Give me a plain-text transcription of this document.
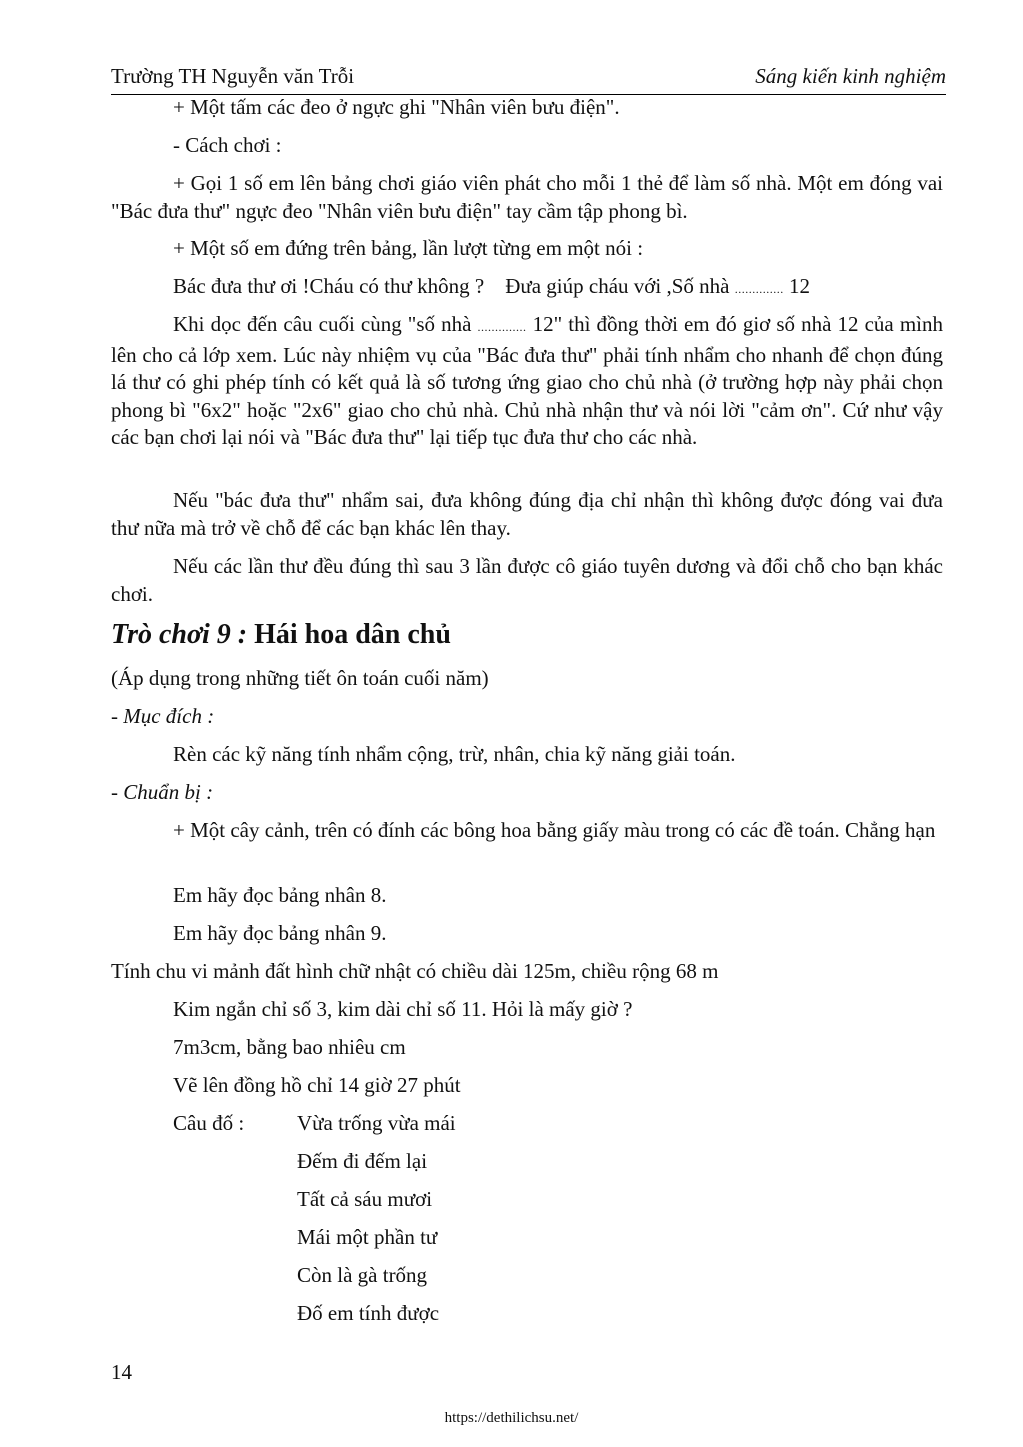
Trường TH Nguyễn văn Trỗi	Sáng kiến kinh nghiệm
+ Một tấm các đeo ở ngực ghi "Nhân viên bưu điện".
- Cách chơi :
+ Gọi 1 số em lên bảng chơi giáo viên phát cho mỗi 1 thẻ để làm số nhà. Một em đóng vai "Bác đưa thư" ngực đeo "Nhân viên bưu điện" tay cầm tập phong bì.
+ Một số em đứng trên bảng, lần lượt từng em một nói :
Bác đưa thư ơi !Cháu có thư không ? Đưa giúp cháu với ,Số nhà .............. 12
Khi dọc đến câu cuối cùng "số nhà .............. 12" thì đồng thời em đó giơ số nhà 12 của mình lên cho cả lớp xem. Lúc này nhiệm vụ của "Bác đưa thư" phải tính nhẩm cho nhanh để chọn đúng lá thư có ghi phép tính có kết quả là số tương ứng giao cho chủ nhà (ở trường hợp này phải chọn phong bì "6x2" hoặc "2x6" giao cho chủ nhà. Chủ nhà nhận thư và nói lời "cảm ơn". Cứ như vậy các bạn chơi lại nói và "Bác đưa thư" lại tiếp tục đưa thư cho các nhà.
Nếu "bác đưa thư" nhẩm sai, đưa không đúng địa chỉ nhận thì không được đóng vai đưa thư nữa mà trở về chỗ để các bạn khác lên thay.
Nếu các lần thư đều đúng thì sau 3 lần được cô giáo tuyên dương và đổi chỗ cho bạn khác chơi.
Trò chơi 9 : Hái hoa dân chủ
(Áp dụng trong những tiết ôn toán cuối năm)
- Mục đích :
Rèn các kỹ năng tính nhẩm cộng, trừ, nhân, chia kỹ năng giải toán.
- Chuẩn bị :
+ Một cây cảnh, trên có đính các bông hoa bằng giấy màu trong có các đề toán. Chẳng hạn
Em hãy đọc bảng nhân 8.
Em hãy đọc bảng nhân 9.
Tính chu vi mảnh đất hình chữ nhật có chiều dài 125m, chiều rộng 68 m
Kim ngắn chỉ số 3, kim dài chỉ số 11. Hỏi là mấy giờ ?
7m3cm, bằng bao nhiêu cm
Vẽ lên đồng hồ chỉ 14 giờ 27 phút
Câu đố :	Vừa trống vừa mái
Đếm đi đếm lại
Tất cả sáu mươi
Mái một phần tư
Còn là gà trống
Đố em tính được
14
https://dethilichsu.net/
